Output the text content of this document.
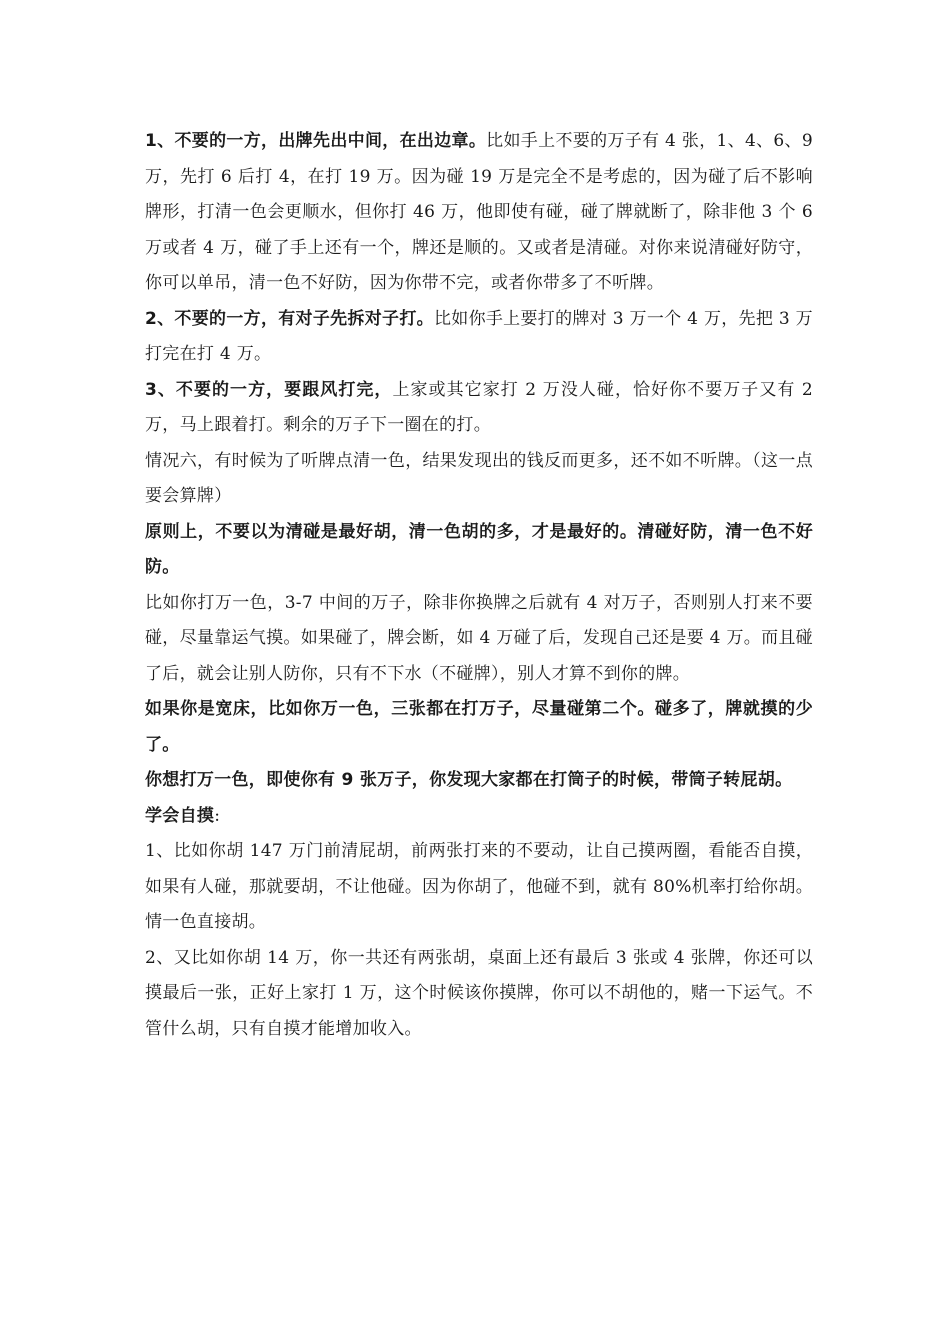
1、不要的一方，出牌先出中间，在出边章。比如手上不要的万子有 4 张，1、4、6、9 万，先打 6 后打 4，在打 19 万。因为碰 19 万是完全不是考虑的，因为碰了后不影响牌形，打清一色会更顺水，但你打 46 万，他即使有碰，碰了牌就断了，除非他 3 个 6 万或者 4 万，碰了手上还有一个，牌还是顺的。又或者是清碰。对你来说清碰好防守，你可以单吊，清一色不好防，因为你带不完，或者你带多了不听牌。

2、不要的一方，有对子先拆对子打。比如你手上要打的牌对 3 万一个 4 万，先把 3 万打完在打 4 万。

3、不要的一方，要跟风打完，上家或其它家打 2 万没人碰，恰好你不要万子又有 2 万，马上跟着打。剩余的万子下一圈在的打。

情况六，有时候为了听牌点清一色，结果发现出的钱反而更多，还不如不听牌。（这一点要会算牌）

原则上，不要以为清碰是最好胡，清一色胡的多，才是最好的。清碰好防，清一色不好防。

比如你打万一色，3-7 中间的万子，除非你换牌之后就有 4 对万子，否则别人打来不要碰，尽量靠运气摸。如果碰了，牌会断，如 4 万碰了后，发现自己还是要 4 万。而且碰了后，就会让别人防你，只有不下水（不碰牌），别人才算不到你的牌。

如果你是宽床，比如你万一色，三张都在打万子，尽量碰第二个。碰多了，牌就摸的少了。

你想打万一色，即使你有 9 张万子，你发现大家都在打筒子的时候，带筒子转屁胡。

学会自摸:

1、比如你胡 147 万门前清屁胡，前两张打来的不要动，让自己摸两圈，看能否自摸，如果有人碰，那就要胡，不让他碰。因为你胡了，他碰不到，就有 80%机率打给你胡。情一色直接胡。

2、又比如你胡 14 万，你一共还有两张胡，桌面上还有最后 3 张或 4 张牌，你还可以摸最后一张，正好上家打 1 万，这个时候该你摸牌，你可以不胡他的，赌一下运气。不管什么胡，只有自摸才能增加收入。
